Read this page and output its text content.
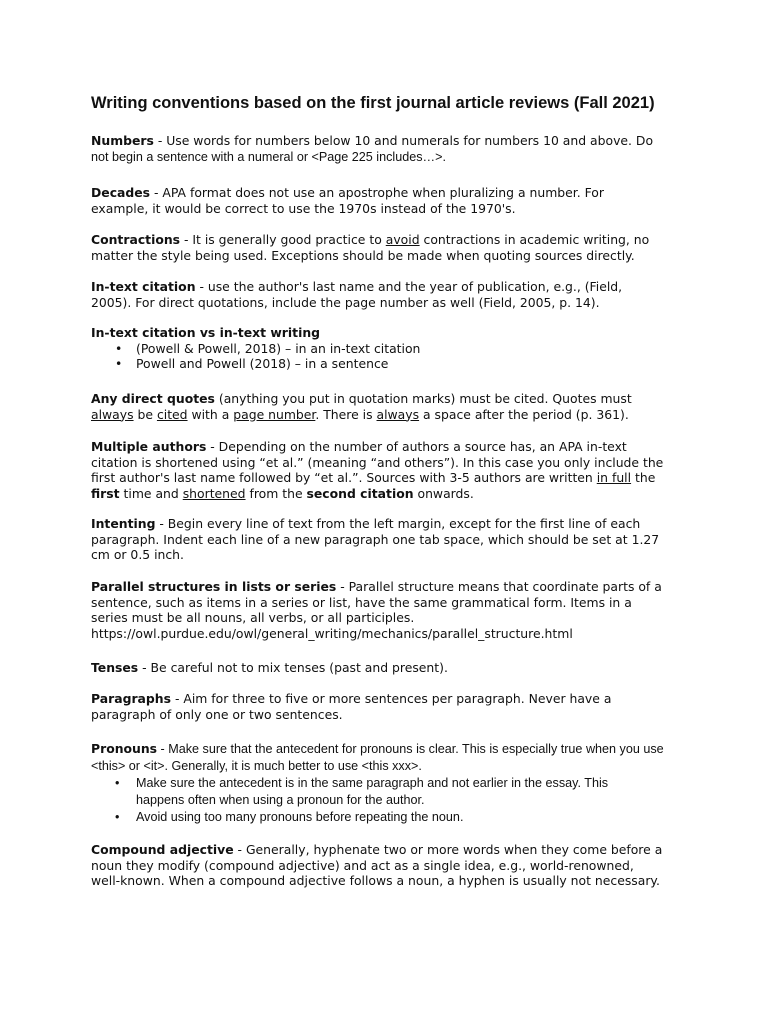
Writing conventions based on the first journal article reviews (Fall 2021)
Numbers - Use words for numbers below 10 and numerals for numbers 10 and above. Do
not begin a sentence with a numeral or <Page 225 includes…>.
Decades - APA format does not use an apostrophe when pluralizing a number. For
example, it would be correct to use the 1970s instead of the 1970's.
Contractions - It is generally good practice to avoid contractions in academic writing, no
matter the style being used. Exceptions should be made when quoting sources directly.
In-text citation - use the author's last name and the year of publication, e.g., (Field,
2005). For direct quotations, include the page number as well (Field, 2005, p. 14).
In-text citation vs in-text writing
• (Powell & Powell, 2018) – in an in-text citation
• Powell and Powell (2018) – in a sentence
Any direct quotes (anything you put in quotation marks) must be cited. Quotes must
always be cited with a page number. There is always a space after the period (p. 361).
Multiple authors - Depending on the number of authors a source has, an APA in-text
citation is shortened using “et al.” (meaning “and others”). In this case you only include the
first author's last name followed by “et al.”. Sources with 3-5 authors are written in full the
first time and shortened from the second citation onwards.
Intenting - Begin every line of text from the left margin, except for the first line of each
paragraph. Indent each line of a new paragraph one tab space, which should be set at 1.27
cm or 0.5 inch.
Parallel structures in lists or series - Parallel structure means that coordinate parts of a
sentence, such as items in a series or list, have the same grammatical form. Items in a
series must be all nouns, all verbs, or all participles.
https://owl.purdue.edu/owl/general_writing/mechanics/parallel_structure.html
Tenses - Be careful not to mix tenses (past and present).
Paragraphs - Aim for three to five or more sentences per paragraph. Never have a
paragraph of only one or two sentences.
Pronouns - Make sure that the antecedent for pronouns is clear. This is especially true when you use
<this> or <it>. Generally, it is much better to use <this xxx>.
• Make sure the antecedent is in the same paragraph and not earlier in the essay. This happens often when using a pronoun for the author.
• Avoid using too many pronouns before repeating the noun.
Compound adjective - Generally, hyphenate two or more words when they come before a
noun they modify (compound adjective) and act as a single idea, e.g., world-renowned,
well-known. When a compound adjective follows a noun, a hyphen is usually not necessary.
